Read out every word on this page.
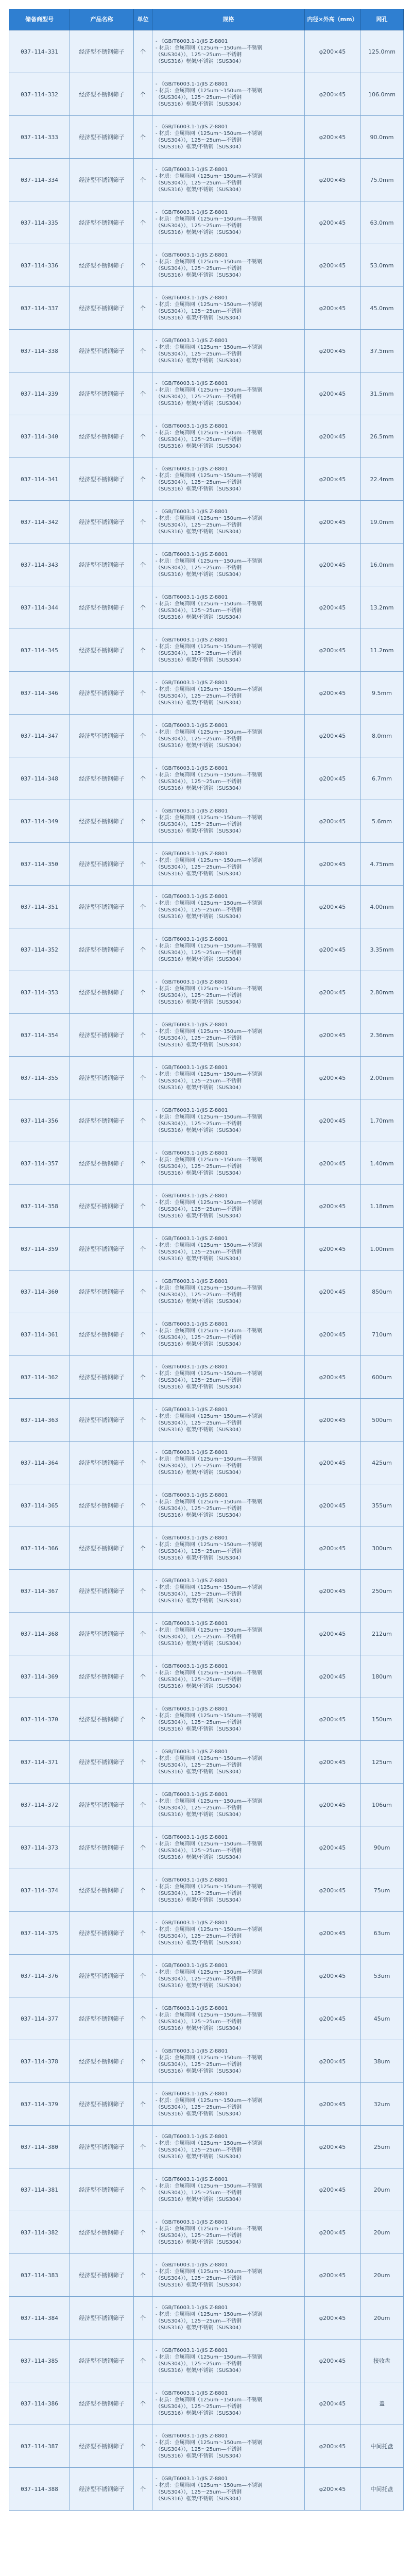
储备商型号	产品名称	单位	规格	内径×外高（mm）	网孔
037-114-331	经济型不锈钢筛子	个	- 《GB/T6003.1-1/JIS Z-8801
- 材质：金属筛网（125um～150um—不锈钢
（SUS304）），125～25um—不锈钢
（SUS316）框架/不锈钢（SUS304）	φ200×45	125.0mm
037-114-332	经济型不锈钢筛子	个	- 《GB/T6003.1-1/JIS Z-8801
- 材质：金属筛网（125um～150um—不锈钢
（SUS304）），125～25um—不锈钢
（SUS316）框架/不锈钢（SUS304）	φ200×45	106.0mm
037-114-333	经济型不锈钢筛子	个	- 《GB/T6003.1-1/JIS Z-8801
- 材质：金属筛网（125um～150um—不锈钢
（SUS304）），125～25um—不锈钢
（SUS316）框架/不锈钢（SUS304）	φ200×45	90.0mm
037-114-334	经济型不锈钢筛子	个	- 《GB/T6003.1-1/JIS Z-8801
- 材质：金属筛网（125um～150um—不锈钢
（SUS304）），125～25um—不锈钢
（SUS316）框架/不锈钢（SUS304）	φ200×45	75.0mm
037-114-335	经济型不锈钢筛子	个	- 《GB/T6003.1-1/JIS Z-8801
- 材质：金属筛网（125um～150um—不锈钢
（SUS304）），125～25um—不锈钢
（SUS316）框架/不锈钢（SUS304）	φ200×45	63.0mm
037-114-336	经济型不锈钢筛子	个	- 《GB/T6003.1-1/JIS Z-8801
- 材质：金属筛网（125um～150um—不锈钢
（SUS304）），125～25um—不锈钢
（SUS316）框架/不锈钢（SUS304）	φ200×45	53.0mm
037-114-337	经济型不锈钢筛子	个	- 《GB/T6003.1-1/JIS Z-8801
- 材质：金属筛网（125um～150um—不锈钢
（SUS304）），125～25um—不锈钢
（SUS316）框架/不锈钢（SUS304）	φ200×45	45.0mm
037-114-338	经济型不锈钢筛子	个	- 《GB/T6003.1-1/JIS Z-8801
- 材质：金属筛网（125um～150um—不锈钢
（SUS304）），125～25um—不锈钢
（SUS316）框架/不锈钢（SUS304）	φ200×45	37.5mm
037-114-339	经济型不锈钢筛子	个	- 《GB/T6003.1-1/JIS Z-8801
- 材质：金属筛网（125um～150um—不锈钢
（SUS304）），125～25um—不锈钢
（SUS316）框架/不锈钢（SUS304）	φ200×45	31.5mm
037-114-340	经济型不锈钢筛子	个	- 《GB/T6003.1-1/JIS Z-8801
- 材质：金属筛网（125um～150um—不锈钢
（SUS304）），125～25um—不锈钢
（SUS316）框架/不锈钢（SUS304）	φ200×45	26.5mm
037-114-341	经济型不锈钢筛子	个	- 《GB/T6003.1-1/JIS Z-8801
- 材质：金属筛网（125um～150um—不锈钢
（SUS304）），125～25um—不锈钢
（SUS316）框架/不锈钢（SUS304）	φ200×45	22.4mm
037-114-342	经济型不锈钢筛子	个	- 《GB/T6003.1-1/JIS Z-8801
- 材质：金属筛网（125um～150um—不锈钢
（SUS304）），125～25um—不锈钢
（SUS316）框架/不锈钢（SUS304）	φ200×45	19.0mm
037-114-343	经济型不锈钢筛子	个	- 《GB/T6003.1-1/JIS Z-8801
- 材质：金属筛网（125um～150um—不锈钢
（SUS304）），125～25um—不锈钢
（SUS316）框架/不锈钢（SUS304）	φ200×45	16.0mm
037-114-344	经济型不锈钢筛子	个	- 《GB/T6003.1-1/JIS Z-8801
- 材质：金属筛网（125um～150um—不锈钢
（SUS304）），125～25um—不锈钢
（SUS316）框架/不锈钢（SUS304）	φ200×45	13.2mm
037-114-345	经济型不锈钢筛子	个	- 《GB/T6003.1-1/JIS Z-8801
- 材质：金属筛网（125um～150um—不锈钢
（SUS304）），125～25um—不锈钢
（SUS316）框架/不锈钢（SUS304）	φ200×45	11.2mm
037-114-346	经济型不锈钢筛子	个	- 《GB/T6003.1-1/JIS Z-8801
- 材质：金属筛网（125um～150um—不锈钢
（SUS304）），125～25um—不锈钢
（SUS316）框架/不锈钢（SUS304）	φ200×45	9.5mm
037-114-347	经济型不锈钢筛子	个	- 《GB/T6003.1-1/JIS Z-8801
- 材质：金属筛网（125um～150um—不锈钢
（SUS304）），125～25um—不锈钢
（SUS316）框架/不锈钢（SUS304）	φ200×45	8.0mm
037-114-348	经济型不锈钢筛子	个	- 《GB/T6003.1-1/JIS Z-8801
- 材质：金属筛网（125um～150um—不锈钢
（SUS304）），125～25um—不锈钢
（SUS316）框架/不锈钢（SUS304）	φ200×45	6.7mm
037-114-349	经济型不锈钢筛子	个	- 《GB/T6003.1-1/JIS Z-8801
- 材质：金属筛网（125um～150um—不锈钢
（SUS304）），125～25um—不锈钢
（SUS316）框架/不锈钢（SUS304）	φ200×45	5.6mm
037-114-350	经济型不锈钢筛子	个	- 《GB/T6003.1-1/JIS Z-8801
- 材质：金属筛网（125um～150um—不锈钢
（SUS304）），125～25um—不锈钢
（SUS316）框架/不锈钢（SUS304）	φ200×45	4.75mm
037-114-351	经济型不锈钢筛子	个	- 《GB/T6003.1-1/JIS Z-8801
- 材质：金属筛网（125um～150um—不锈钢
（SUS304）），125～25um—不锈钢
（SUS316）框架/不锈钢（SUS304）	φ200×45	4.00mm
037-114-352	经济型不锈钢筛子	个	- 《GB/T6003.1-1/JIS Z-8801
- 材质：金属筛网（125um～150um—不锈钢
（SUS304）），125～25um—不锈钢
（SUS316）框架/不锈钢（SUS304）	φ200×45	3.35mm
037-114-353	经济型不锈钢筛子	个	- 《GB/T6003.1-1/JIS Z-8801
- 材质：金属筛网（125um～150um—不锈钢
（SUS304）），125～25um—不锈钢
（SUS316）框架/不锈钢（SUS304）	φ200×45	2.80mm
037-114-354	经济型不锈钢筛子	个	- 《GB/T6003.1-1/JIS Z-8801
- 材质：金属筛网（125um～150um—不锈钢
（SUS304）），125～25um—不锈钢
（SUS316）框架/不锈钢（SUS304）	φ200×45	2.36mm
037-114-355	经济型不锈钢筛子	个	- 《GB/T6003.1-1/JIS Z-8801
- 材质：金属筛网（125um～150um—不锈钢
（SUS304）），125～25um—不锈钢
（SUS316）框架/不锈钢（SUS304）	φ200×45	2.00mm
037-114-356	经济型不锈钢筛子	个	- 《GB/T6003.1-1/JIS Z-8801
- 材质：金属筛网（125um～150um—不锈钢
（SUS304）），125～25um—不锈钢
（SUS316）框架/不锈钢（SUS304）	φ200×45	1.70mm
037-114-357	经济型不锈钢筛子	个	- 《GB/T6003.1-1/JIS Z-8801
- 材质：金属筛网（125um～150um—不锈钢
（SUS304）），125～25um—不锈钢
（SUS316）框架/不锈钢（SUS304）	φ200×45	1.40mm
037-114-358	经济型不锈钢筛子	个	- 《GB/T6003.1-1/JIS Z-8801
- 材质：金属筛网（125um～150um—不锈钢
（SUS304）），125～25um—不锈钢
（SUS316）框架/不锈钢（SUS304）	φ200×45	1.18mm
037-114-359	经济型不锈钢筛子	个	- 《GB/T6003.1-1/JIS Z-8801
- 材质：金属筛网（125um～150um—不锈钢
（SUS304）），125～25um—不锈钢
（SUS316）框架/不锈钢（SUS304）	φ200×45	1.00mm
037-114-360	经济型不锈钢筛子	个	- 《GB/T6003.1-1/JIS Z-8801
- 材质：金属筛网（125um～150um—不锈钢
（SUS304）），125～25um—不锈钢
（SUS316）框架/不锈钢（SUS304）	φ200×45	850um
037-114-361	经济型不锈钢筛子	个	- 《GB/T6003.1-1/JIS Z-8801
- 材质：金属筛网（125um～150um—不锈钢
（SUS304）），125～25um—不锈钢
（SUS316）框架/不锈钢（SUS304）	φ200×45	710um
037-114-362	经济型不锈钢筛子	个	- 《GB/T6003.1-1/JIS Z-8801
- 材质：金属筛网（125um～150um—不锈钢
（SUS304）），125～25um—不锈钢
（SUS316）框架/不锈钢（SUS304）	φ200×45	600um
037-114-363	经济型不锈钢筛子	个	- 《GB/T6003.1-1/JIS Z-8801
- 材质：金属筛网（125um～150um—不锈钢
（SUS304）），125～25um—不锈钢
（SUS316）框架/不锈钢（SUS304）	φ200×45	500um
037-114-364	经济型不锈钢筛子	个	- 《GB/T6003.1-1/JIS Z-8801
- 材质：金属筛网（125um～150um—不锈钢
（SUS304）），125～25um—不锈钢
（SUS316）框架/不锈钢（SUS304）	φ200×45	425um
037-114-365	经济型不锈钢筛子	个	- 《GB/T6003.1-1/JIS Z-8801
- 材质：金属筛网（125um～150um—不锈钢
（SUS304）），125～25um—不锈钢
（SUS316）框架/不锈钢（SUS304）	φ200×45	355um
037-114-366	经济型不锈钢筛子	个	- 《GB/T6003.1-1/JIS Z-8801
- 材质：金属筛网（125um～150um—不锈钢
（SUS304）），125～25um—不锈钢
（SUS316）框架/不锈钢（SUS304）	φ200×45	300um
037-114-367	经济型不锈钢筛子	个	- 《GB/T6003.1-1/JIS Z-8801
- 材质：金属筛网（125um～150um—不锈钢
（SUS304）），125～25um—不锈钢
（SUS316）框架/不锈钢（SUS304）	φ200×45	250um
037-114-368	经济型不锈钢筛子	个	- 《GB/T6003.1-1/JIS Z-8801
- 材质：金属筛网（125um～150um—不锈钢
（SUS304）），125～25um—不锈钢
（SUS316）框架/不锈钢（SUS304）	φ200×45	212um
037-114-369	经济型不锈钢筛子	个	- 《GB/T6003.1-1/JIS Z-8801
- 材质：金属筛网（125um～150um—不锈钢
（SUS304）），125～25um—不锈钢
（SUS316）框架/不锈钢（SUS304）	φ200×45	180um
037-114-370	经济型不锈钢筛子	个	- 《GB/T6003.1-1/JIS Z-8801
- 材质：金属筛网（125um～150um—不锈钢
（SUS304）），125～25um—不锈钢
（SUS316）框架/不锈钢（SUS304）	φ200×45	150um
037-114-371	经济型不锈钢筛子	个	- 《GB/T6003.1-1/JIS Z-8801
- 材质：金属筛网（125um～150um—不锈钢
（SUS304）），125～25um—不锈钢
（SUS316）框架/不锈钢（SUS304）	φ200×45	125um
037-114-372	经济型不锈钢筛子	个	- 《GB/T6003.1-1/JIS Z-8801
- 材质：金属筛网（125um～150um—不锈钢
（SUS304）），125～25um—不锈钢
（SUS316）框架/不锈钢（SUS304）	φ200×45	106um
037-114-373	经济型不锈钢筛子	个	- 《GB/T6003.1-1/JIS Z-8801
- 材质：金属筛网（125um～150um—不锈钢
（SUS304）），125～25um—不锈钢
（SUS316）框架/不锈钢（SUS304）	φ200×45	90um
037-114-374	经济型不锈钢筛子	个	- 《GB/T6003.1-1/JIS Z-8801
- 材质：金属筛网（125um～150um—不锈钢
（SUS304）），125～25um—不锈钢
（SUS316）框架/不锈钢（SUS304）	φ200×45	75um
037-114-375	经济型不锈钢筛子	个	- 《GB/T6003.1-1/JIS Z-8801
- 材质：金属筛网（125um～150um—不锈钢
（SUS304）），125～25um—不锈钢
（SUS316）框架/不锈钢（SUS304）	φ200×45	63um
037-114-376	经济型不锈钢筛子	个	- 《GB/T6003.1-1/JIS Z-8801
- 材质：金属筛网（125um～150um—不锈钢
（SUS304）），125～25um—不锈钢
（SUS316）框架/不锈钢（SUS304）	φ200×45	53um
037-114-377	经济型不锈钢筛子	个	- 《GB/T6003.1-1/JIS Z-8801
- 材质：金属筛网（125um～150um—不锈钢
（SUS304）），125～25um—不锈钢
（SUS316）框架/不锈钢（SUS304）	φ200×45	45um
037-114-378	经济型不锈钢筛子	个	- 《GB/T6003.1-1/JIS Z-8801
- 材质：金属筛网（125um～150um—不锈钢
（SUS304）），125～25um—不锈钢
（SUS316）框架/不锈钢（SUS304）	φ200×45	38um
037-114-379	经济型不锈钢筛子	个	- 《GB/T6003.1-1/JIS Z-8801
- 材质：金属筛网（125um～150um—不锈钢
（SUS304）），125～25um—不锈钢
（SUS316）框架/不锈钢（SUS304）	φ200×45	32um
037-114-380	经济型不锈钢筛子	个	- 《GB/T6003.1-1/JIS Z-8801
- 材质：金属筛网（125um～150um—不锈钢
（SUS304）），125～25um—不锈钢
（SUS316）框架/不锈钢（SUS304）	φ200×45	25um
037-114-381	经济型不锈钢筛子	个	- 《GB/T6003.1-1/JIS Z-8801
- 材质：金属筛网（125um～150um—不锈钢
（SUS304）），125～25um—不锈钢
（SUS316）框架/不锈钢（SUS304）	φ200×45	20um
037-114-382	经济型不锈钢筛子	个	- 《GB/T6003.1-1/JIS Z-8801
- 材质：金属筛网（125um～150um—不锈钢
（SUS304）），125～25um—不锈钢
（SUS316）框架/不锈钢（SUS304）	φ200×45	20um
037-114-383	经济型不锈钢筛子	个	- 《GB/T6003.1-1/JIS Z-8801
- 材质：金属筛网（125um～150um—不锈钢
（SUS304）），125～25um—不锈钢
（SUS316）框架/不锈钢（SUS304）	φ200×45	20um
037-114-384	经济型不锈钢筛子	个	- 《GB/T6003.1-1/JIS Z-8801
- 材质：金属筛网（125um～150um—不锈钢
（SUS304）），125～25um—不锈钢
（SUS316）框架/不锈钢（SUS304）	φ200×45	20um
037-114-385	经济型不锈钢筛子	个	- 《GB/T6003.1-1/JIS Z-8801
- 材质：金属筛网（125um～150um—不锈钢
（SUS304）），125～25um—不锈钢
（SUS316）框架/不锈钢（SUS304）	φ200×45	接收盘
037-114-386	经济型不锈钢筛子	个	- 《GB/T6003.1-1/JIS Z-8801
- 材质：金属筛网（125um～150um—不锈钢
（SUS304）），125～25um—不锈钢
（SUS316）框架/不锈钢（SUS304）	φ200×45	盖
037-114-387	经济型不锈钢筛子	个	- 《GB/T6003.1-1/JIS Z-8801
- 材质：金属筛网（125um～150um—不锈钢
（SUS304）），125～25um—不锈钢
（SUS316）框架/不锈钢（SUS304）	φ200×45	中间托盘
037-114-388	经济型不锈钢筛子	个	- 《GB/T6003.1-1/JIS Z-8801
- 材质：金属筛网（125um～150um—不锈钢
（SUS304）），125～25um—不锈钢
（SUS316）框架/不锈钢（SUS304）	φ200×45	中间托盘
